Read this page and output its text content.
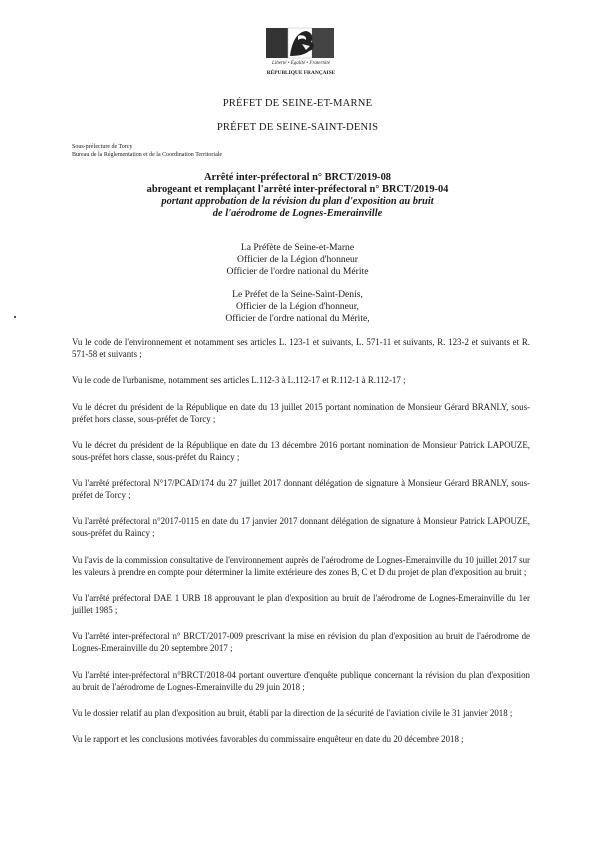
Liberté • Égalité • Fraternité
RÉPUBLIQUE FRANÇAISE
PRÉFET DE SEINE-ET-MARNE
PRÉFET DE SEINE-SAINT-DENIS
Sous-préfecture de Torcy
Bureau de la Réglementation et de la Coordination Territoriale
Arrêté inter-préfectoral n° BRCT/2019-08
abrogeant et remplaçant l'arrêté inter-préfectoral n° BRCT/2019-04
portant approbation de la révision du plan d'exposition au bruit
de l'aérodrome de Lognes-Emerainville
La Préfète de Seine-et-Marne
Officier de la Légion d'honneur
Officier de l'ordre national du Mérite
Le Préfet de la Seine-Saint-Denis,
Officier de la Légion d'honneur,
Officier de l'ordre national du Mérite,

Vu le code de l'environnement et notamment ses articles L. 123-1 et suivants, L. 571-11 et suivants, R. 123-2 et suivants et R. 571-58 et suivants ;

Vu le code de l'urbanisme, notamment ses articles L.112-3 à L.112-17 et R.112-1 à R.112-17 ;

Vu le décret du président de la République en date du 13 juillet 2015 portant nomination de Monsieur Gérard BRANLY, sous-préfet hors classe, sous-préfet de Torcy ;

Vu le décret du président de la République en date du 13 décembre 2016 portant nomination de Monsieur Patrick LAPOUZE, sous-préfet hors classe, sous-préfet du Raincy ;

Vu l'arrêté préfectoral N°17/PCAD/174 du 27 juillet 2017 donnant délégation de signature à Monsieur Gérard BRANLY, sous-préfet de Torcy ;

Vu l'arrêté préfectoral n°2017-0115 en date du 17 janvier 2017 donnant délégation de signature à Monsieur Patrick LAPOUZE, sous-préfet du Raincy ;

Vu l'avis de la commission consultative de l'environnement auprès de l'aérodrome de Lognes-Emerainville du 10 juillet 2017 sur les valeurs à prendre en compte pour déterminer la limite extérieure des zones B, C et D du projet de plan d'exposition au bruit ;

Vu l'arrêté préfectoral DAE 1 URB 18 approuvant le plan d'exposition au bruit de l'aérodrome de Lognes-Emerainville du 1er juillet 1985 ;

Vu l'arrêté inter-préfectoral n° BRCT/2017-009 prescrivant la mise en révision du plan d'exposition au bruit de l'aérodrome de Lognes-Emerainville du 20 septembre 2017 ;

Vu l'arrêté inter-préfectoral n°BRCT/2018-04 portant ouverture d'enquête publique concernant la révision du plan d'exposition au bruit de l'aérodrome de Lognes-Emerainville du 29 juin 2018 ;

Vu le dossier relatif au plan d'exposition au bruit, établi par la direction de la sécurité de l'aviation civile le 31 janvier 2018 ;

Vu le rapport et les conclusions motivées favorables du commissaire enquêteur en date du 20 décembre 2018 ;
